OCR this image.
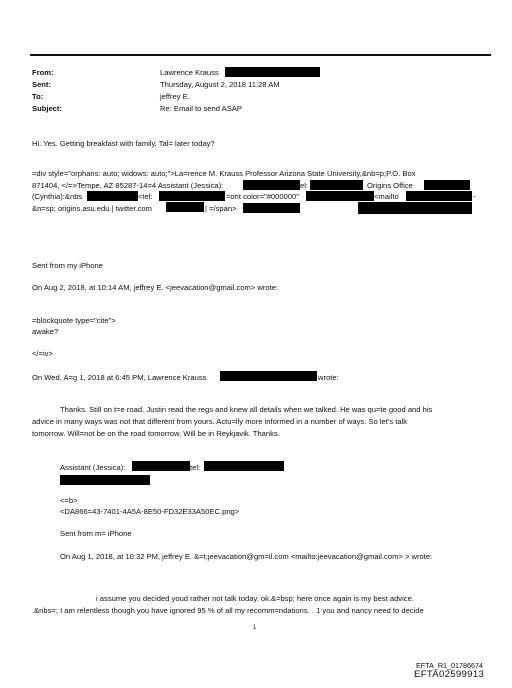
From:	Lawrence Krauss
Sent:	Thursday, August 2, 2018 11:28 AM
To:	jeffrey E.
Subject:	Re: Email to send ASAP
Hi. Yes. Getting breakfast with family. Tal= later today?
=div style="orphans: auto; widows: auto;">La=rence M. Krauss Professor Arizona State University,&nb=p;P.O. Box
871404, </=>Tempe, AZ 85287-14=4 Assistant (Jessica):	el:	Origins Office
(Cynthia):&nbs	<tel:	=ont color="#000000"	<mailto	-
&n=sp; origins.asu.edu | twitter.com	| =/span>
Sent from my iPhone
On Aug 2, 2018, at 10:14 AM, jeffrey E. <jeevacation@gmail.com> wrote:
=blockquote type="cite">
awake?
</=iv>
On Wed, A=g 1, 2018 at 6:45 PM, Lawrence Krauss	wrote:
Thanks. Still on t=e road. Justin read the regs and knew all details when we talked. He was qu=te good and his
advice in many ways was not that different from yours. Actu=lly more informed in a number of ways. So let's talk
tomorrow. Will=not be on the road tomorrow. Will be in Reykjavik. Thanks.
Assistant (Jessica):	tel:
<=b>
<DA866=43-7401-4A5A-8E50-FD32E33A50EC.png>
Sent from m= iPhone
On Aug 1, 2018, at 10:32 PM, jeffrey E. &=t;jeevacation@gm=il.com <mailto:jeevacation@gmail.com> > wrote:
i assume you decided youd rather not talk today. ok.&=bsp; here once again is my best advice.
.&nbs=; I am relentless though you have ignored 95 % of all my recomm=ndations. . 1 you and nancy need to decide
1
EFTA_R1_01786674
EFTA02599913
